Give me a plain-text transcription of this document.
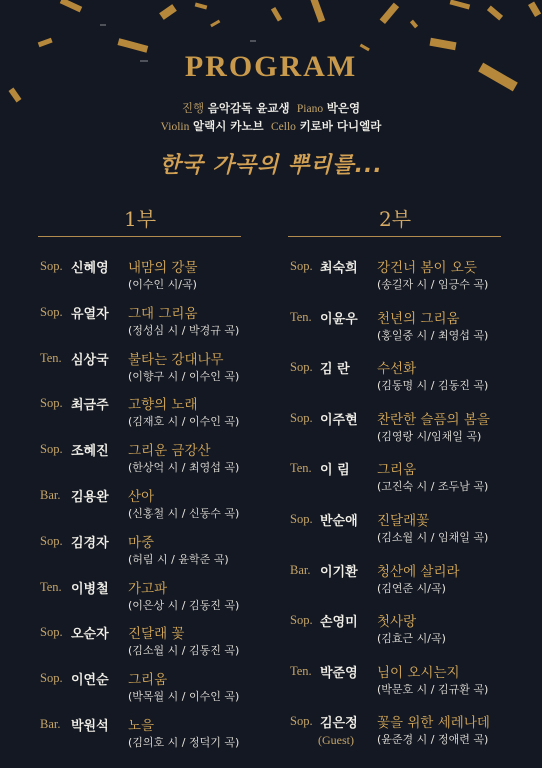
PROGRAM
진행 음악감독 윤교생 Piano 박은영
Violin 알랙시 카노브 Cello 키로바 다니엘라
한국 가곡의 뿌리를...
1부	2부
Sop. 신혜영 내맘의 강물
(이수인 시/곡)
Sop. 유열자 그대 그리움
(정성심 시 / 박경규 곡)
Ten. 심상국 불타는 강대나무
(이향구 시 / 이수인 곡)
Sop. 최금주 고향의 노래
(김재호 시 / 이수인 곡)
Sop. 조혜진 그리운 금강산
(한상억 시 / 최영섭 곡)
Bar. 김용완 산아
(신홍철 시 / 신동수 곡)
Sop. 김경자 마중
(허림 시 / 윤학준 곡)
Ten. 이병철 가고파
(이은상 시 / 김동진 곡)
Sop. 오순자 진달래 꽃
(김소월 시 / 김동진 곡)
Sop. 이연순 그리움
(박목월 시 / 이수인 곡)
Bar. 박원석 노을
(김의호 시 / 정덕기 곡)
Sop. 최숙희 강건너 봄이 오듯
(송길자 시 / 임긍수 곡)
Ten. 이윤우 천년의 그리움
(홍일중 시 / 최영섭 곡)
Sop. 김 란 수선화
(김동명 시 / 김동진 곡)
Sop. 이주현 찬란한 슬픔의 봄을
(김영랑 시/임채일 곡)
Ten. 이 림 그리움
(고진숙 시 / 조두남 곡)
Sop. 반순애 진달래꽃
(김소월 시 / 임채일 곡)
Bar. 이기환 청산에 살리라
(김연준 시/곡)
Sop. 손영미 첫사랑
(김효근 시/곡)
Ten. 박준영 님이 오시는지
(박문호 시 / 김규환 곡)
Sop. 김은정 꽃을 위한 세레나데
(윤준경 시 / 정애련 곡)
(Guest)
